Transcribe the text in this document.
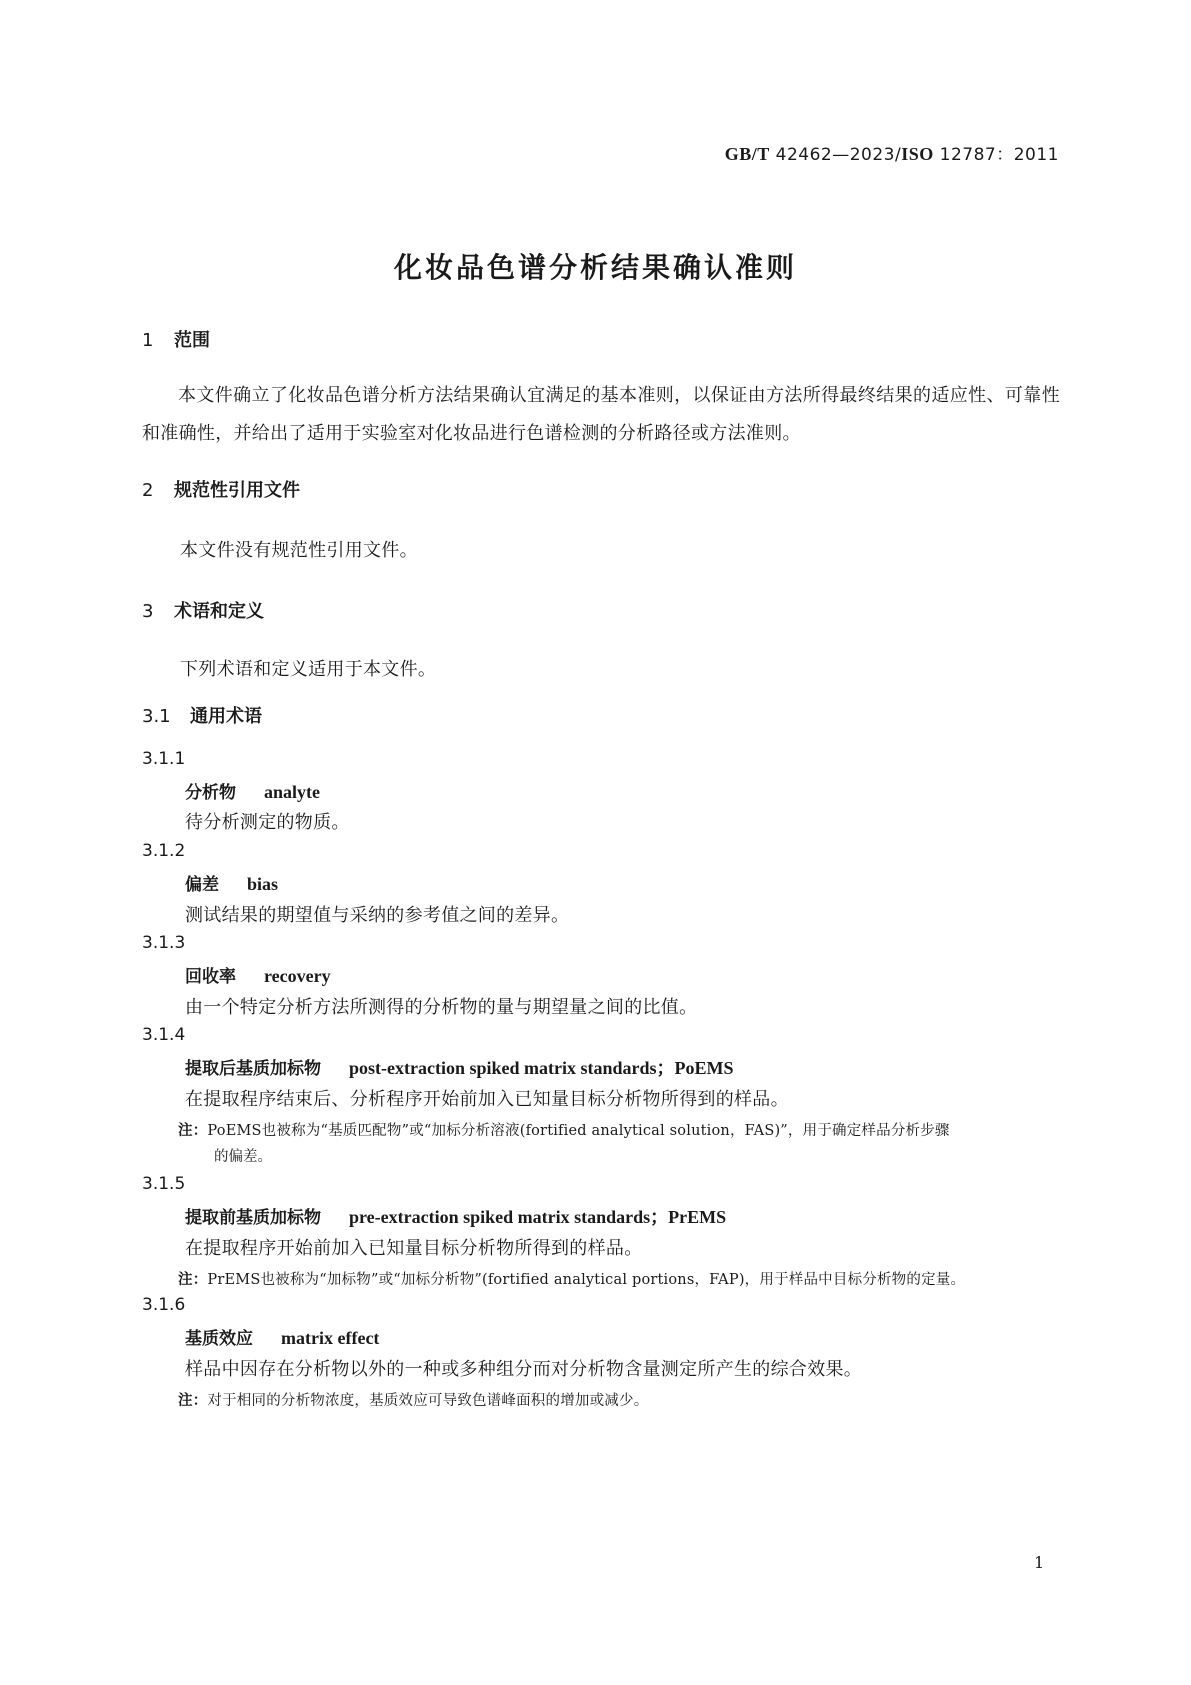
GB/T 42462—2023/ISO 12787：2011
化妆品色谱分析结果确认准则
1 范围
本文件确立了化妆品色谱分析方法结果确认宜满足的基本准则，以保证由方法所得最终结果的适应性、可靠性和准确性，并给出了适用于实验室对化妆品进行色谱检测的分析路径或方法准则。
2 规范性引用文件
本文件没有规范性引用文件。
3 术语和定义
下列术语和定义适用于本文件。
3.1 通用术语
3.1.1
分析物 analyte
待分析测定的物质。
3.1.2
偏差 bias
测试结果的期望值与采纳的参考值之间的差异。
3.1.3
回收率 recovery
由一个特定分析方法所测得的分析物的量与期望量之间的比值。
3.1.4
提取后基质加标物 post-extraction spiked matrix standards；PoEMS
在提取程序结束后、分析程序开始前加入已知量目标分析物所得到的样品。
注：PoEMS也被称为“基质匹配物”或“加标分析溶液(fortified analytical solution，FAS)”，用于确定样品分析步骤
的偏差。
3.1.5
提取前基质加标物 pre-extraction spiked matrix standards；PrEMS
在提取程序开始前加入已知量目标分析物所得到的样品。
注：PrEMS也被称为“加标物”或“加标分析物”(fortified analytical portions，FAP)，用于样品中目标分析物的定量。
3.1.6
基质效应 matrix effect
样品中因存在分析物以外的一种或多种组分而对分析物含量测定所产生的综合效果。
注：对于相同的分析物浓度，基质效应可导致色谱峰面积的增加或减少。
1
